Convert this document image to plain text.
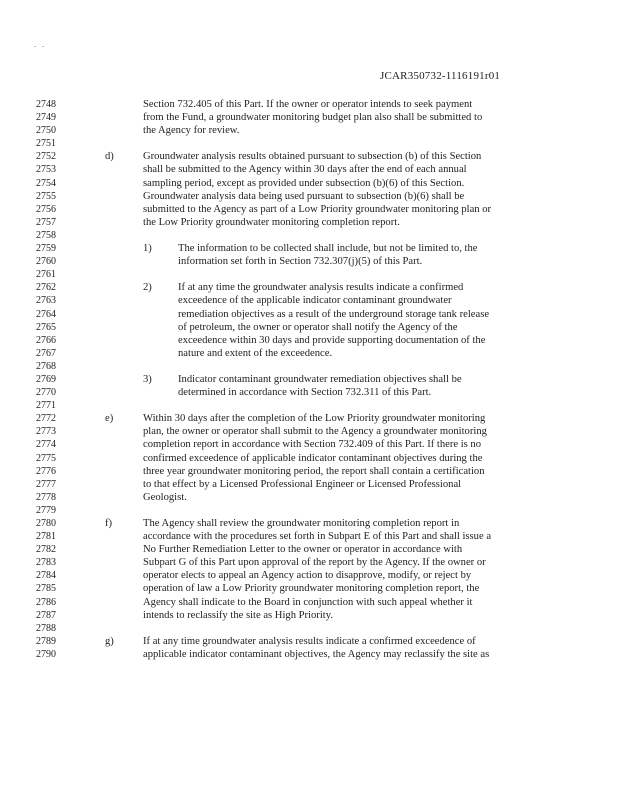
. .
JCAR350732-1116191r01
2748	Section 732.405 of this Part. If the owner or operator intends to seek payment
2749	from the Fund, a groundwater monitoring budget plan also shall be submitted to
2750	the Agency for review.
2751
2752	d)	Groundwater analysis results obtained pursuant to subsection (b) of this Section
2753	shall be submitted to the Agency within 30 days after the end of each annual
2754	sampling period, except as provided under subsection (b)(6) of this Section.
2755	Groundwater analysis data being used pursuant to subsection (b)(6) shall be
2756	submitted to the Agency as part of a Low Priority groundwater monitoring plan or
2757	the Low Priority groundwater monitoring completion report.
2758
2759	1) The information to be collected shall include, but not be limited to, the
2760	information set forth in Section 732.307(j)(5) of this Part.
2761
2762	2) If at any time the groundwater analysis results indicate a confirmed
2763	exceedence of the applicable indicator contaminant groundwater
2764	remediation objectives as a result of the underground storage tank release
2765	of petroleum, the owner or operator shall notify the Agency of the
2766	exceedence within 30 days and provide supporting documentation of the
2767	nature and extent of the exceedence.
2768
2769	3) Indicator contaminant groundwater remediation objectives shall be
2770	determined in accordance with Section 732.311 of this Part.
2771
2772	e)	Within 30 days after the completion of the Low Priority groundwater monitoring
2773	plan, the owner or operator shall submit to the Agency a groundwater monitoring
2774	completion report in accordance with Section 732.409 of this Part. If there is no
2775	confirmed exceedence of applicable indicator contaminant objectives during the
2776	three year groundwater monitoring period, the report shall contain a certification
2777	to that effect by a Licensed Professional Engineer or Licensed Professional
2778	Geologist.
2779
2780	f)	The Agency shall review the groundwater monitoring completion report in
2781	accordance with the procedures set forth in Subpart E of this Part and shall issue a
2782	No Further Remediation Letter to the owner or operator in accordance with
2783	Subpart G of this Part upon approval of the report by the Agency. If the owner or
2784	operator elects to appeal an Agency action to disapprove, modify, or reject by
2785	operation of law a Low Priority groundwater monitoring completion report, the
2786	Agency shall indicate to the Board in conjunction with such appeal whether it
2787	intends to reclassify the site as High Priority.
2788
2789	g)	If at any time groundwater analysis results indicate a confirmed exceedence of
2790	applicable indicator contaminant objectives, the Agency may reclassify the site as
